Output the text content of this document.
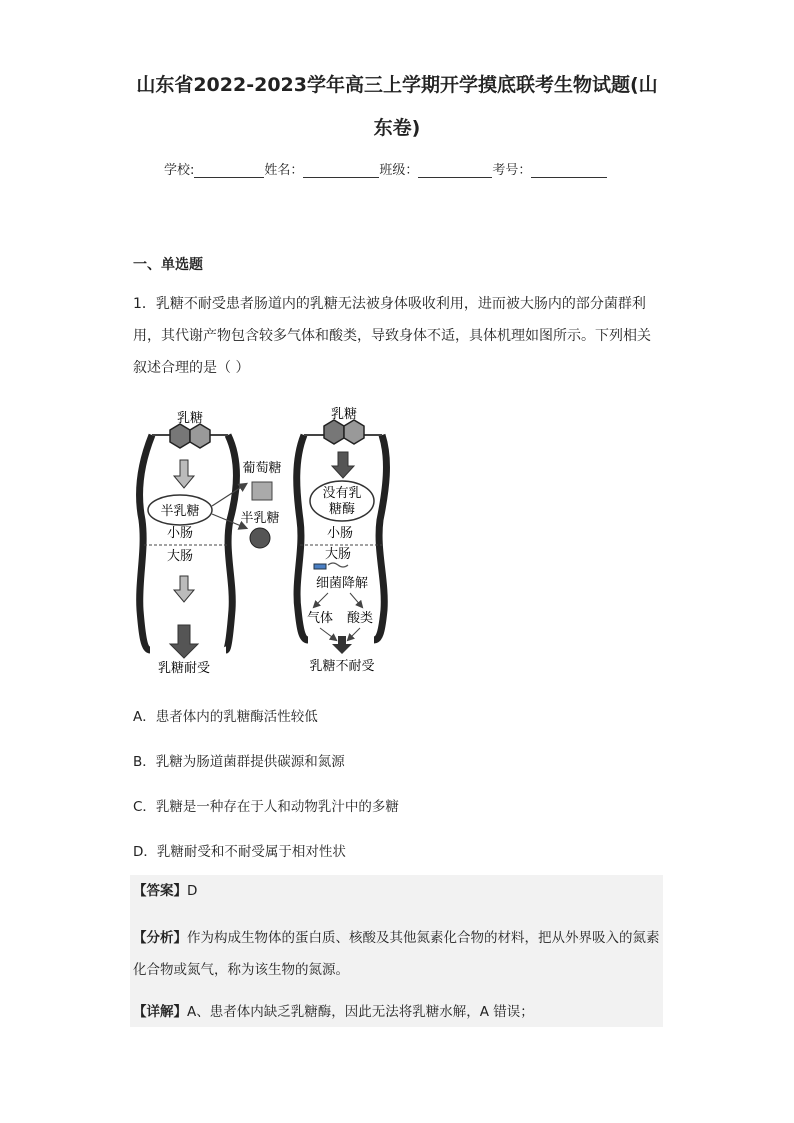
山东省2022-2023学年高三上学期开学摸底联考生物试题(山
东卷)
学校:	姓名：	班级：	考号：
一、单选题
1．乳糖不耐受患者肠道内的乳糖无法被身体吸收利用，进而被大肠内的部分菌群利用，其代谢产物包含较多气体和酸类，导致身体不适，具体机理如图所示。下列相关叙述合理的是（ ）
乳糖
半乳糖
葡萄糖
半乳糖
小肠
大肠
乳糖耐受
乳糖
没有乳
糖酶
小肠
大肠
细菌降解
气体 酸类
乳糖不耐受
A．患者体内的乳糖酶活性较低
B．乳糖为肠道菌群提供碳源和氮源
C．乳糖是一种存在于人和动物乳汁中的多糖
D．乳糖耐受和不耐受属于相对性状
【答案】D
【分析】作为构成生物体的蛋白质、核酸及其他氮素化合物的材料，把从外界吸入的氮素化合物或氮气，称为该生物的氮源。
【详解】A、患者体内缺乏乳糖酶，因此无法将乳糖水解，A 错误；
